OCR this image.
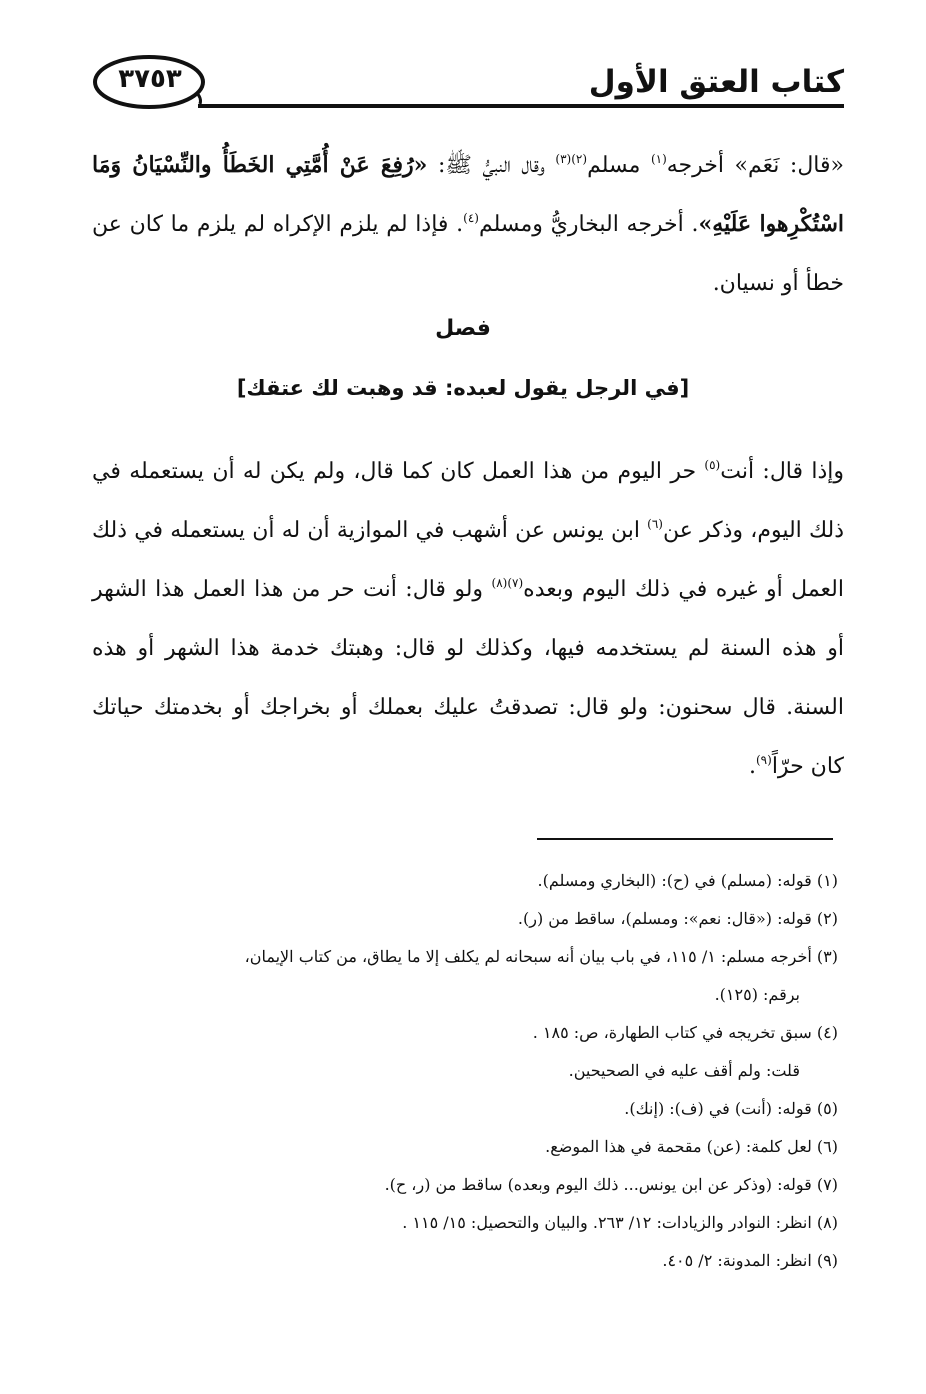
كتاب العتق الأول
٣٧٥٣
«قال: نَعَم» أخرجه$^{(١)}$ مسلم$^{(٢)(٣)}$ وقال النبيُّ ﷺ: «رُفِعَ عَنْ أُمَّتِي الخَطَأُ والنِّسْيَانُ وَمَا اسْتُكْرِهوا عَلَيْهِ». أخرجه البخاريُّ ومسلم$^{(٤)}$. فإذا لم يلزم الإكراه لم يلزم ما كان عن خطأ أو نسيان.
فصل
[في الرجل يقول لعبده: قد وهبت لك عتقك]
وإذا قال: أنت$^{(٥)}$ حر اليوم من هذا العمل كان كما قال، ولم يكن له أن يستعمله في ذلك اليوم، وذكر عن$^{(٦)}$ ابن يونس عن أشهب في الموازية أن له أن يستعمله في ذلك العمل أو غيره في ذلك اليوم وبعده$^{(٧)(٨)}$ ولو قال: أنت حر من هذا العمل هذا الشهر أو هذه السنة لم يستخدمه فيها، وكذلك لو قال: وهبتك خدمة هذا الشهر أو هذه السنة. قال سحنون: ولو قال: تصدقتُ عليك بعملك أو بخراجك أو بخدمتك حياتك كان حرّاً$^{(٩)}$.

(١) قوله: (مسلم) في (ح): (البخاري ومسلم).

(٢) قوله: («قال: نعم»: ومسلم)، ساقط من (ر).

(٣) أخرجه مسلم: ١/ ١١٥، في باب بيان أنه سبحانه لم يكلف إلا ما يطاق، من كتاب الإيمان،

برقم: (١٢٥).

(٤) سبق تخريجه في كتاب الطهارة، ص: ١٨٥ .

قلت: ولم أقف عليه في الصحيحين.

(٥) قوله: (أنت) في (ف): (إنك).

(٦) لعل كلمة: (عن) مقحمة في هذا الموضع.

(٧) قوله: (وذكر عن ابن يونس... ذلك اليوم وبعده) ساقط من (ر، ح).

(٨) انظر: النوادر والزيادات: ١٢/ ٢٦٣. والبيان والتحصيل: ١٥/ ١١٥ .

(٩) انظر: المدونة: ٢/ ٤٠٥.
